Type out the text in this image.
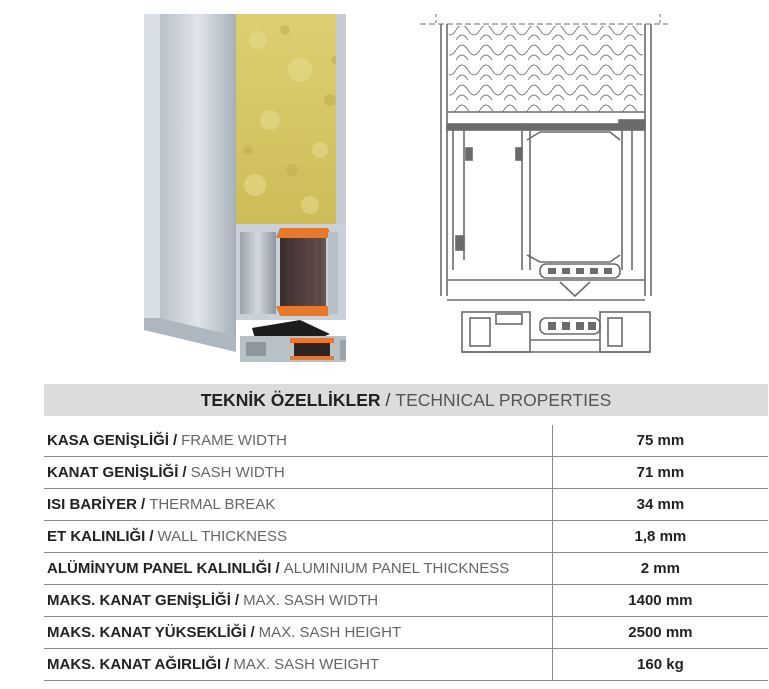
TEKNİK ÖZELLİKLER / TECHNICAL PROPERTIES
KASA GENİŞLİĞİ / FRAME WIDTH	75 mm
KANAT GENİŞLİĞİ / SASH WIDTH	71 mm
ISI BARİYER / THERMAL BREAK	34 mm
ET KALINLIĞI / WALL THICKNESS	1,8 mm
ALÜMİNYUM PANEL KALINLIĞI / ALUMINIUM PANEL THICKNESS	2 mm
MAKS. KANAT GENİŞLİĞİ / MAX. SASH WIDTH	1400 mm
MAKS. KANAT YÜKSEKLİĞİ / MAX. SASH HEIGHT	2500 mm
MAKS. KANAT AĞIRLIĞI / MAX. SASH WEIGHT	160 kg
